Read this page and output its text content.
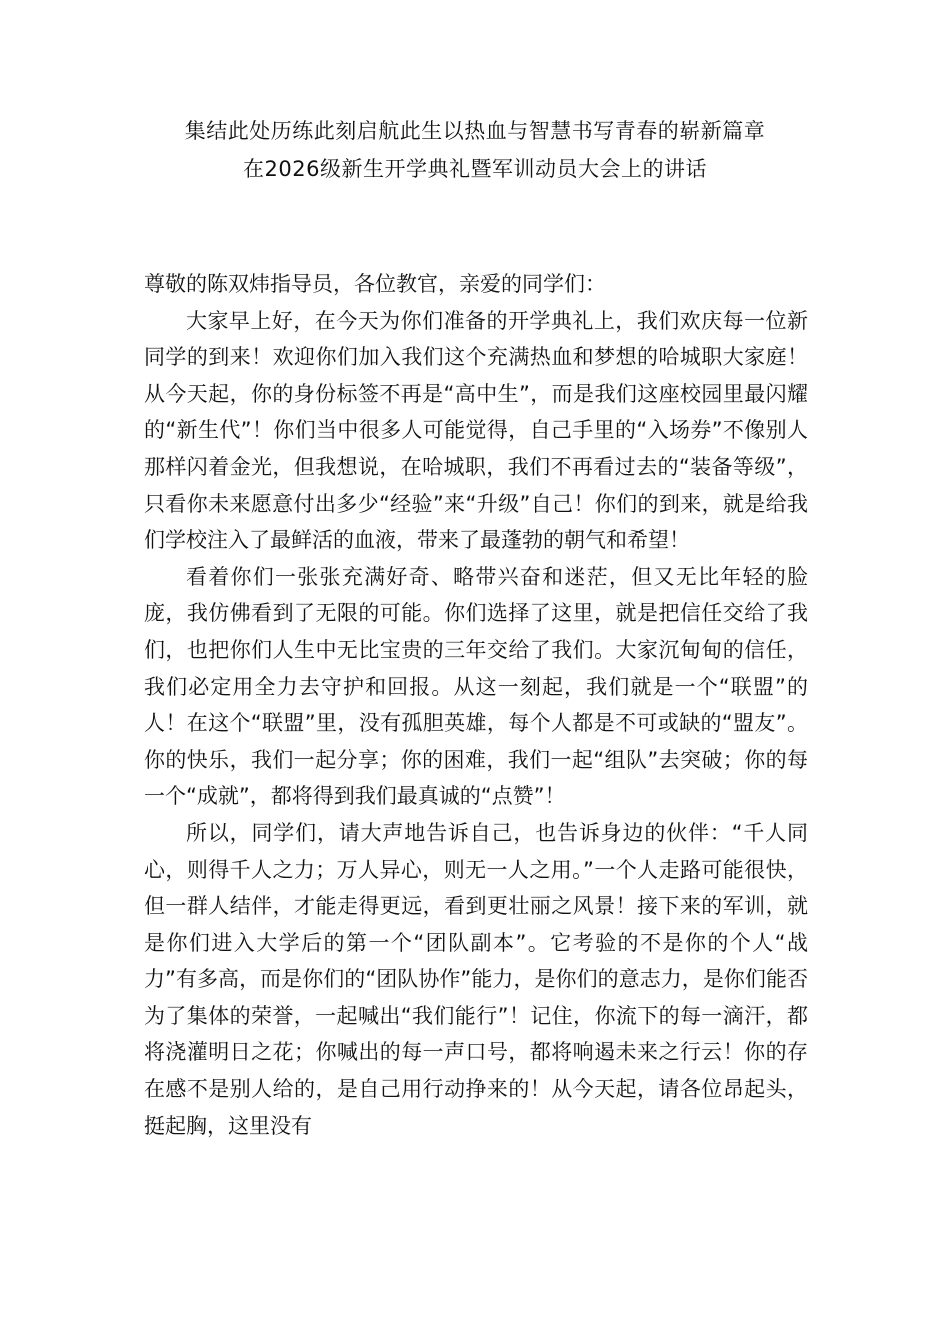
集结此处历练此刻启航此生以热血与智慧书写青春的崭新篇章
在2026级新生开学典礼暨军训动员大会上的讲话

尊敬的陈双炜指导员，各位教官，亲爱的同学们：

大家早上好，在今天为你们准备的开学典礼上，我们欢庆每一位新同学的到来！欢迎你们加入我们这个充满热血和梦想的哈城职大家庭！从今天起，你的身份标签不再是“高中生”，而是我们这座校园里最闪耀的“新生代”！你们当中很多人可能觉得，自己手里的“入场券”不像别人那样闪着金光，但我想说，在哈城职，我们不再看过去的“装备等级”，只看你未来愿意付出多少“经验”来“升级”自己！你们的到来，就是给我们学校注入了最鲜活的血液，带来了最蓬勃的朝气和希望！

看着你们一张张充满好奇、略带兴奋和迷茫，但又无比年轻的脸庞，我仿佛看到了无限的可能。你们选择了这里，就是把信任交给了我们，也把你们人生中无比宝贵的三年交给了我们。大家沉甸甸的信任，我们必定用全力去守护和回报。从这一刻起，我们就是一个“联盟”的人！在这个“联盟”里，没有孤胆英雄，每个人都是不可或缺的“盟友”。你的快乐，我们一起分享；你的困难，我们一起“组队”去突破；你的每一个“成就”，都将得到我们最真诚的“点赞”！

所以，同学们，请大声地告诉自己，也告诉身边的伙伴：“千人同心，则得千人之力；万人异心，则无一人之用。”一个人走路可能很快，但一群人结伴，才能走得更远，看到更壮丽之风景！接下来的军训，就是你们进入大学后的第一个“团队副本”。它考验的不是你的个人“战力”有多高，而是你们的“团队协作”能力，是你们的意志力，是你们能否为了集体的荣誉，一起喊出“我们能行”！记住，你流下的每一滴汗，都将浇灌明日之花；你喊出的每一声口号，都将响遏未来之行云！你的存在感不是别人给的，是自己用行动挣来的！从今天起，请各位昂起头，挺起胸，这里没有
